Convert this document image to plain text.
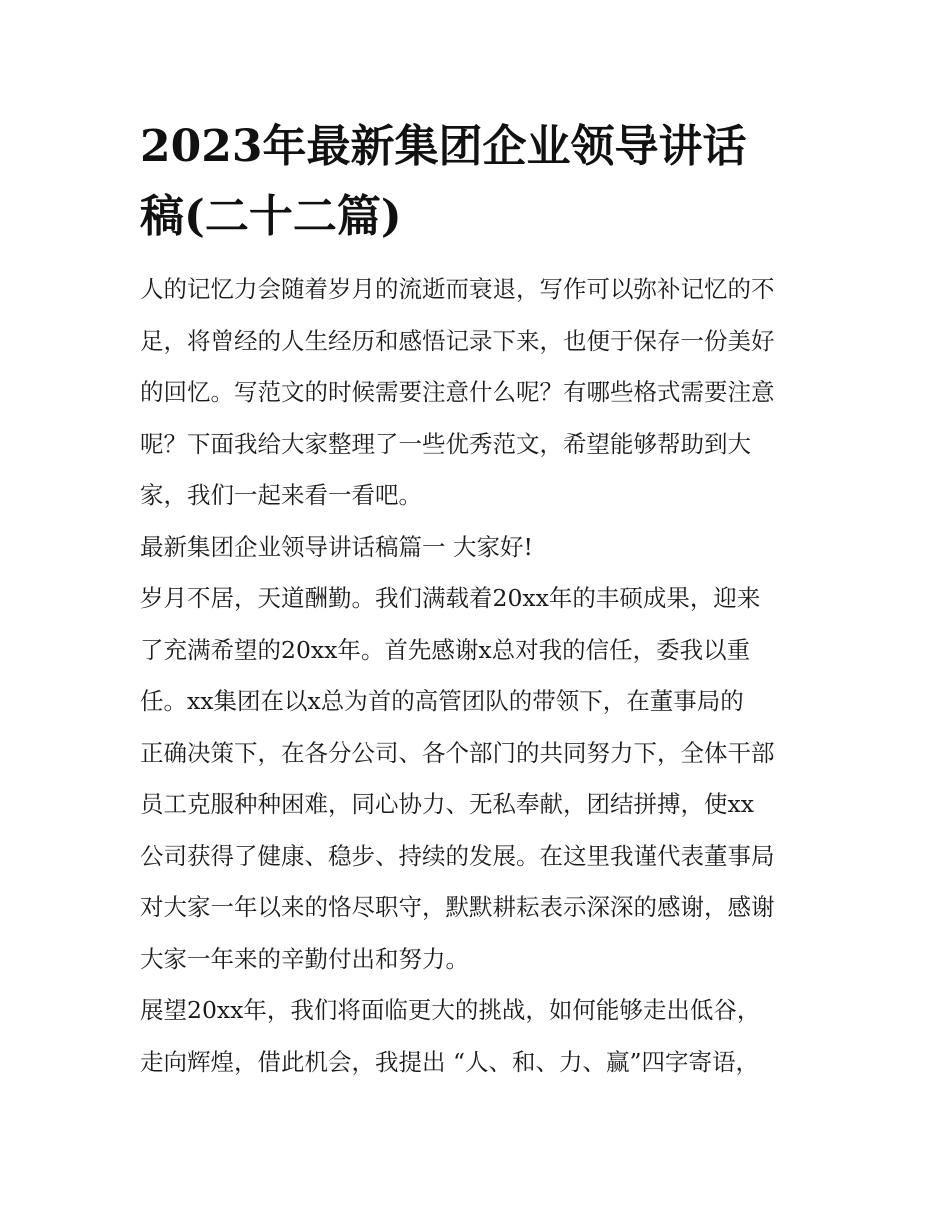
2023年最新集团企业领导讲话
稿(二十二篇)

人的记忆力会随着岁月的流逝而衰退，写作可以弥补记忆的不
足，将曾经的人生经历和感悟记录下来，也便于保存一份美好
的回忆。写范文的时候需要注意什么呢？有哪些格式需要注意
呢？下面我给大家整理了一些优秀范文，希望能够帮助到大
家，我们一起来看一看吧。

最新集团企业领导讲话稿篇一 大家好!

岁月不居，天道酬勤。我们满载着20xx年的丰硕成果，迎来
了充满希望的20xx年。首先感谢x总对我的信任，委我以重
任。xx集团在以x总为首的高管团队的带领下，在董事局的
正确决策下，在各分公司、各个部门的共同努力下，全体干部
员工克服种种困难，同心协力、无私奉献，团结拼搏，使xx
公司获得了健康、稳步、持续的发展。在这里我谨代表董事局
对大家一年以来的恪尽职守，默默耕耘表示深深的感谢，感谢
大家一年来的辛勤付出和努力。

展望20xx年，我们将面临更大的挑战，如何能够走出低谷，
走向辉煌，借此机会，我提出 “人、和、力、赢”四字寄语，
